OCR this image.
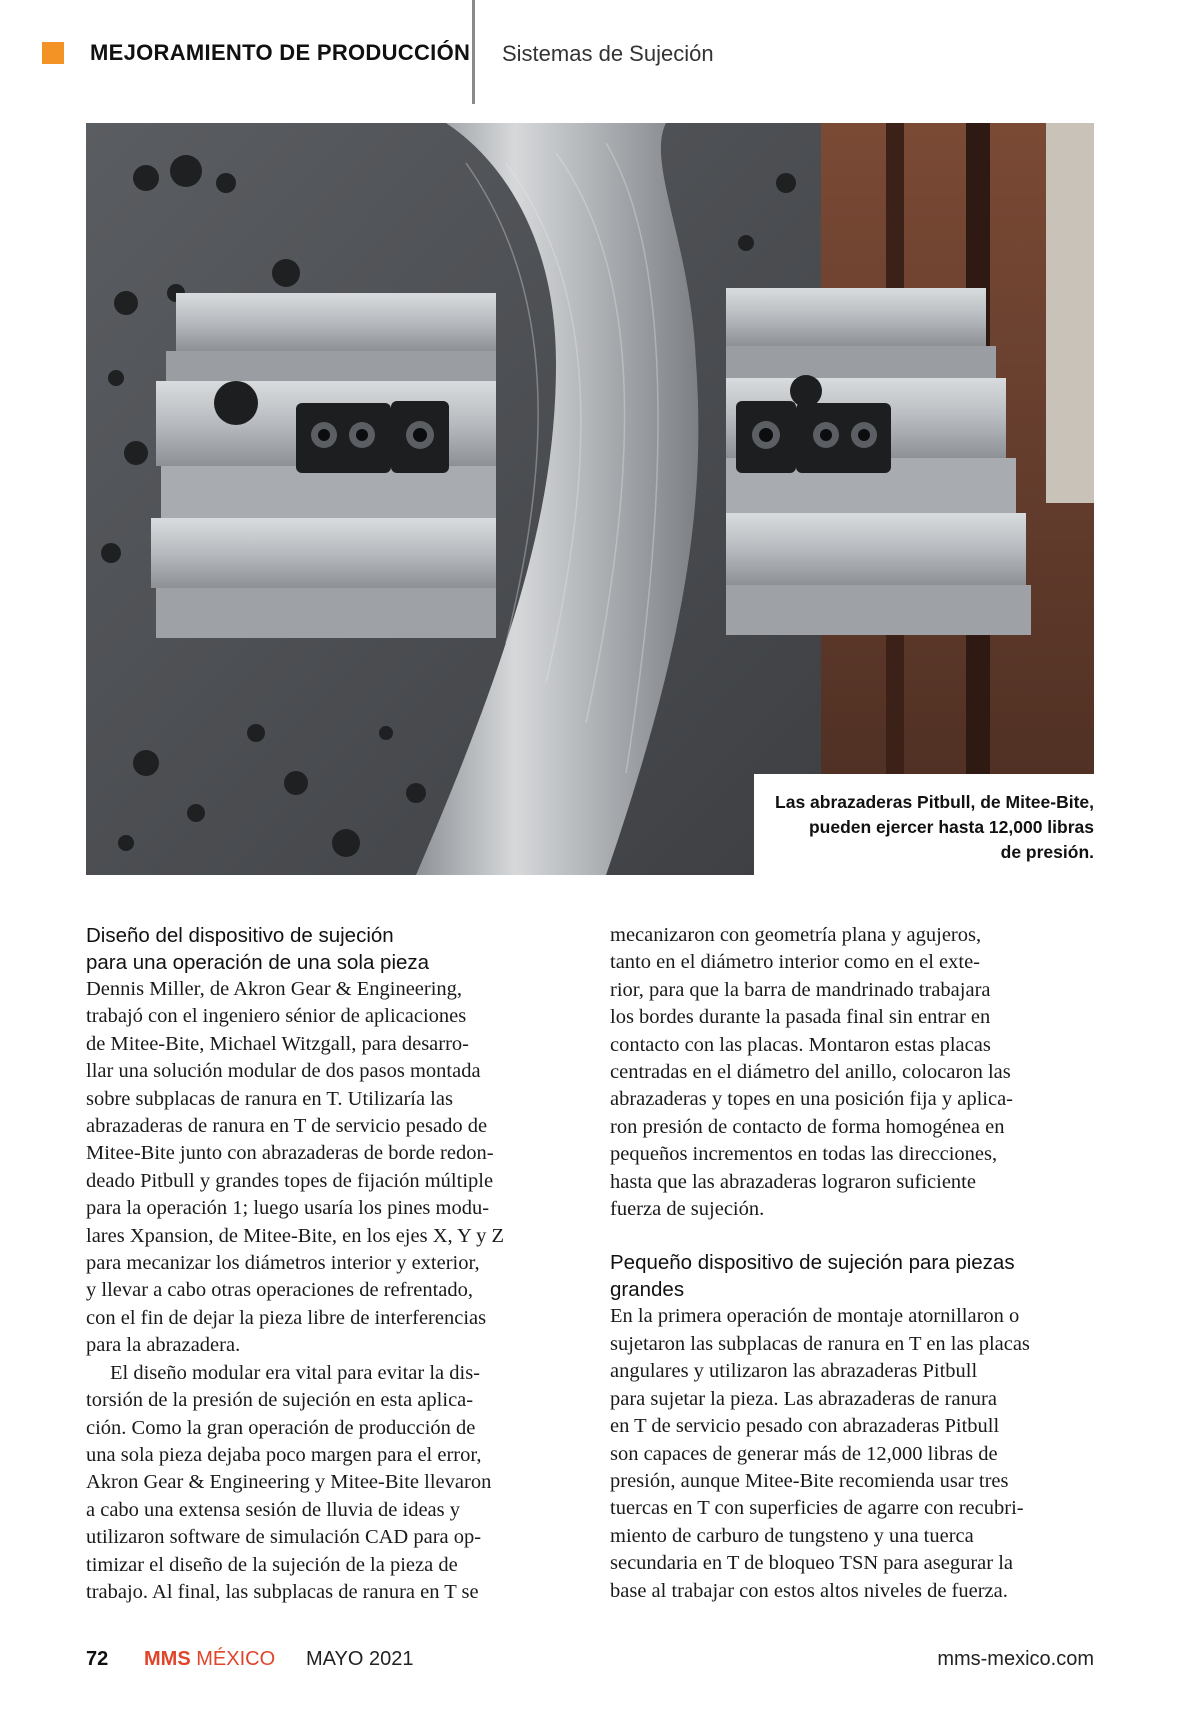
MEJORAMIENTO DE PRODUCCIÓN Sistemas de Sujeción
Las abrazaderas Pitbull, de Mitee-Bite,
pueden ejercer hasta 12,000 libras
de presión.
Diseño del dispositivo de sujeción
para una operación de una sola pieza

Dennis Miller, de Akron Gear & Engineering,
trabajó con el ingeniero sénior de aplicaciones
de Mitee-Bite, Michael Witzgall, para desarro-
llar una solución modular de dos pasos montada
sobre subplacas de ranura en T. Utilizaría las
abrazaderas de ranura en T de servicio pesado de
Mitee-Bite junto con abrazaderas de borde redon-
deado Pitbull y grandes topes de fijación múltiple
para la operación 1; luego usaría los pines modu-
lares Xpansion, de Mitee-Bite, en los ejes X, Y y Z
para mecanizar los diámetros interior y exterior,
y llevar a cabo otras operaciones de refrentado,
con el fin de dejar la pieza libre de interferencias
para la abrazadera.

El diseño modular era vital para evitar la dis-
torsión de la presión de sujeción en esta aplica-
ción. Como la gran operación de producción de
una sola pieza dejaba poco margen para el error,
Akron Gear & Engineering y Mitee-Bite llevaron
a cabo una extensa sesión de lluvia de ideas y
utilizaron software de simulación CAD para op-
timizar el diseño de la sujeción de la pieza de
trabajo. Al final, las subplacas de ranura en T se

mecanizaron con geometría plana y agujeros,
tanto en el diámetro interior como en el exte-
rior, para que la barra de mandrinado trabajara
los bordes durante la pasada final sin entrar en
contacto con las placas. Montaron estas placas
centradas en el diámetro del anillo, colocaron las
abrazaderas y topes en una posición fija y aplica-
ron presión de contacto de forma homogénea en
pequeños incrementos en todas las direcciones,
hasta que las abrazaderas lograron suficiente
fuerza de sujeción.

Pequeño dispositivo de sujeción para piezas
grandes

En la primera operación de montaje atornillaron o
sujetaron las subplacas de ranura en T en las placas
angulares y utilizaron las abrazaderas Pitbull
para sujetar la pieza. Las abrazaderas de ranura
en T de servicio pesado con abrazaderas Pitbull
son capaces de generar más de 12,000 libras de
presión, aunque Mitee-Bite recomienda usar tres
tuercas en T con superficies de agarre con recubri-
miento de carburo de tungsteno y una tuerca
secundaria en T de bloqueo TSN para asegurar la
base al trabajar con estos altos niveles de fuerza.

72 MMS MÉXICO MAYO 2021	mms-mexico.com
